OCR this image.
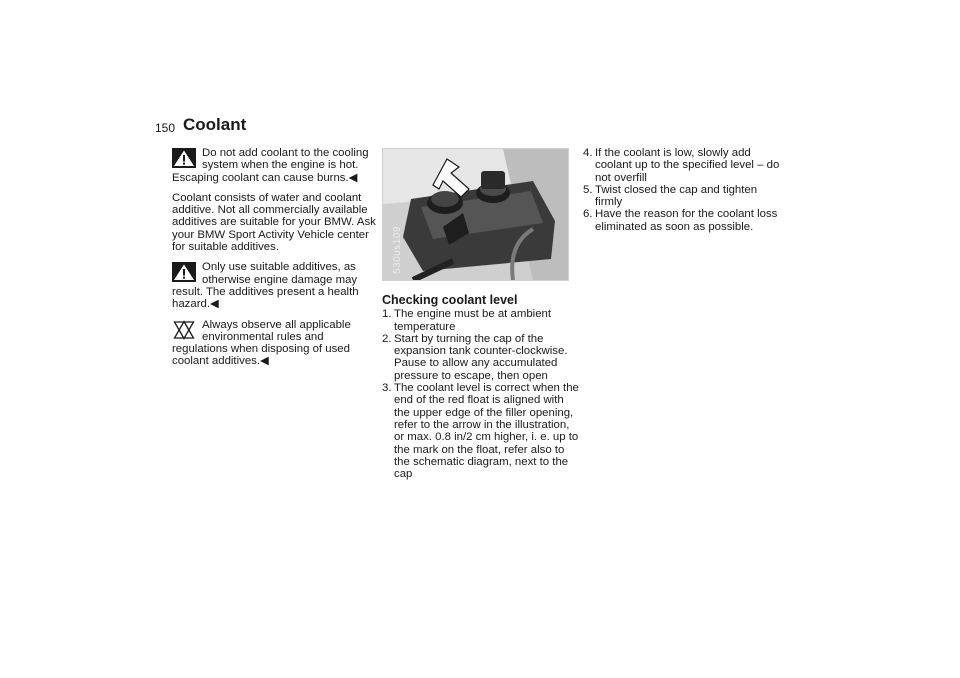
150 Coolant

Do not add coolant to the cooling system when the engine is hot. Escaping coolant can cause burns.◀

Coolant consists of water and coolant additive. Not all commercially available additives are suitable for your BMW. Ask your BMW Sport Activity Vehicle center for suitable additives.

Only use suitable additives, as otherwise engine damage may result. The additives present a health hazard.◀

Always observe all applicable environmental rules and regulations when disposing of used coolant additives.◀

530us109
Checking coolant level
1. The engine must be at ambient temperature
2. Start by turning the cap of the expansion tank counter-clockwise. Pause to allow any accumulated pressure to escape, then open
3. The coolant level is correct when the end of the red float is aligned with the upper edge of the filler opening, refer to the arrow in the illustration, or max. 0.8 in/2 cm higher, i. e. up to the mark on the float, refer also to the schematic diagram, next to the cap
4. If the coolant is low, slowly add coolant up to the specified level – do not overfill
5. Twist closed the cap and tighten firmly
6. Have the reason for the coolant loss eliminated as soon as possible.
